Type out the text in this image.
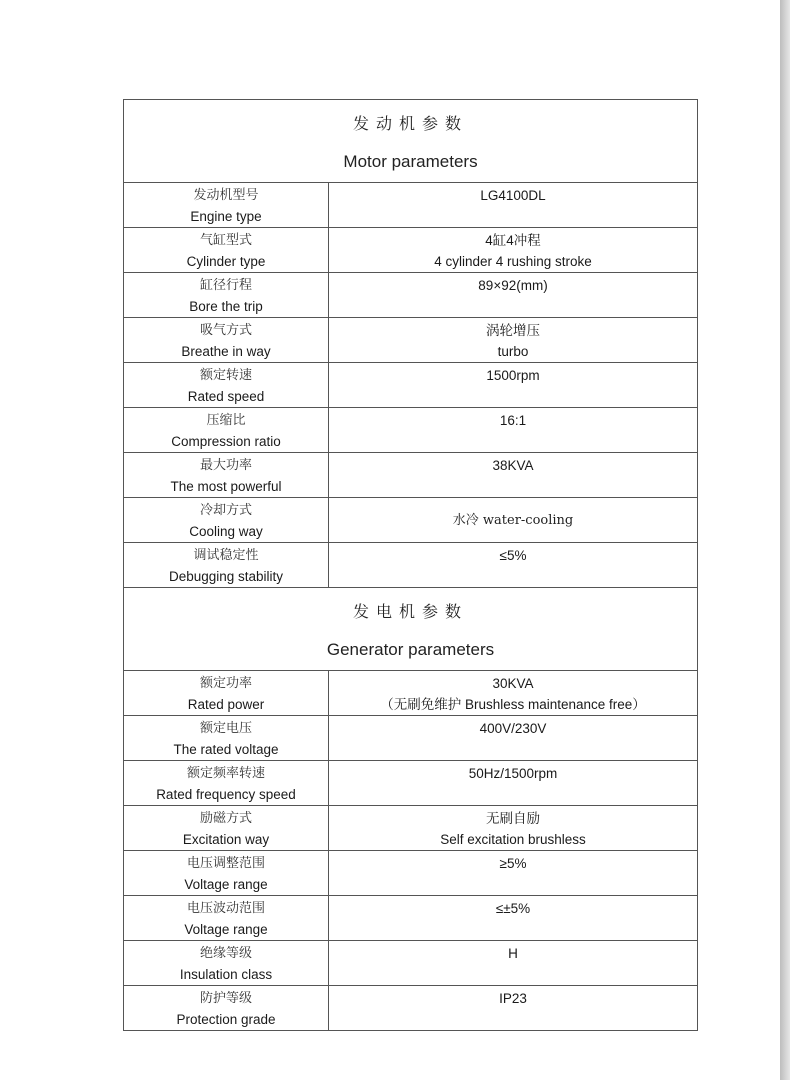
发动机参数
Motor parameters	

发动机型号
Engine type	LG4100DL

气缸型式
Cylinder type	4缸4冲程
4 cylinder 4 rushing stroke

缸径行程
Bore the trip	89×92(mm)

吸气方式
Breathe in way	涡轮增压
turbo

额定转速
Rated speed	1500rpm

压缩比
Compression ratio	16:1

最大功率
The most powerful	38KVA

冷却方式
Cooling way	水冷 water-cooling

调试稳定性
Debugging stability	≤5%

发电机参数
Generator parameters	

额定功率
Rated power	30KVA
（无刷免维护 Brushless maintenance free）

额定电压
The rated voltage	400V/230V

额定频率转速
Rated frequency speed	50Hz/1500rpm

励磁方式
Excitation way	无刷自励
Self excitation brushless

电压调整范围
Voltage range	≥5%

电压波动范围
Voltage range	≤±5%

绝缘等级
Insulation class	H

防护等级
Protection grade	IP23
